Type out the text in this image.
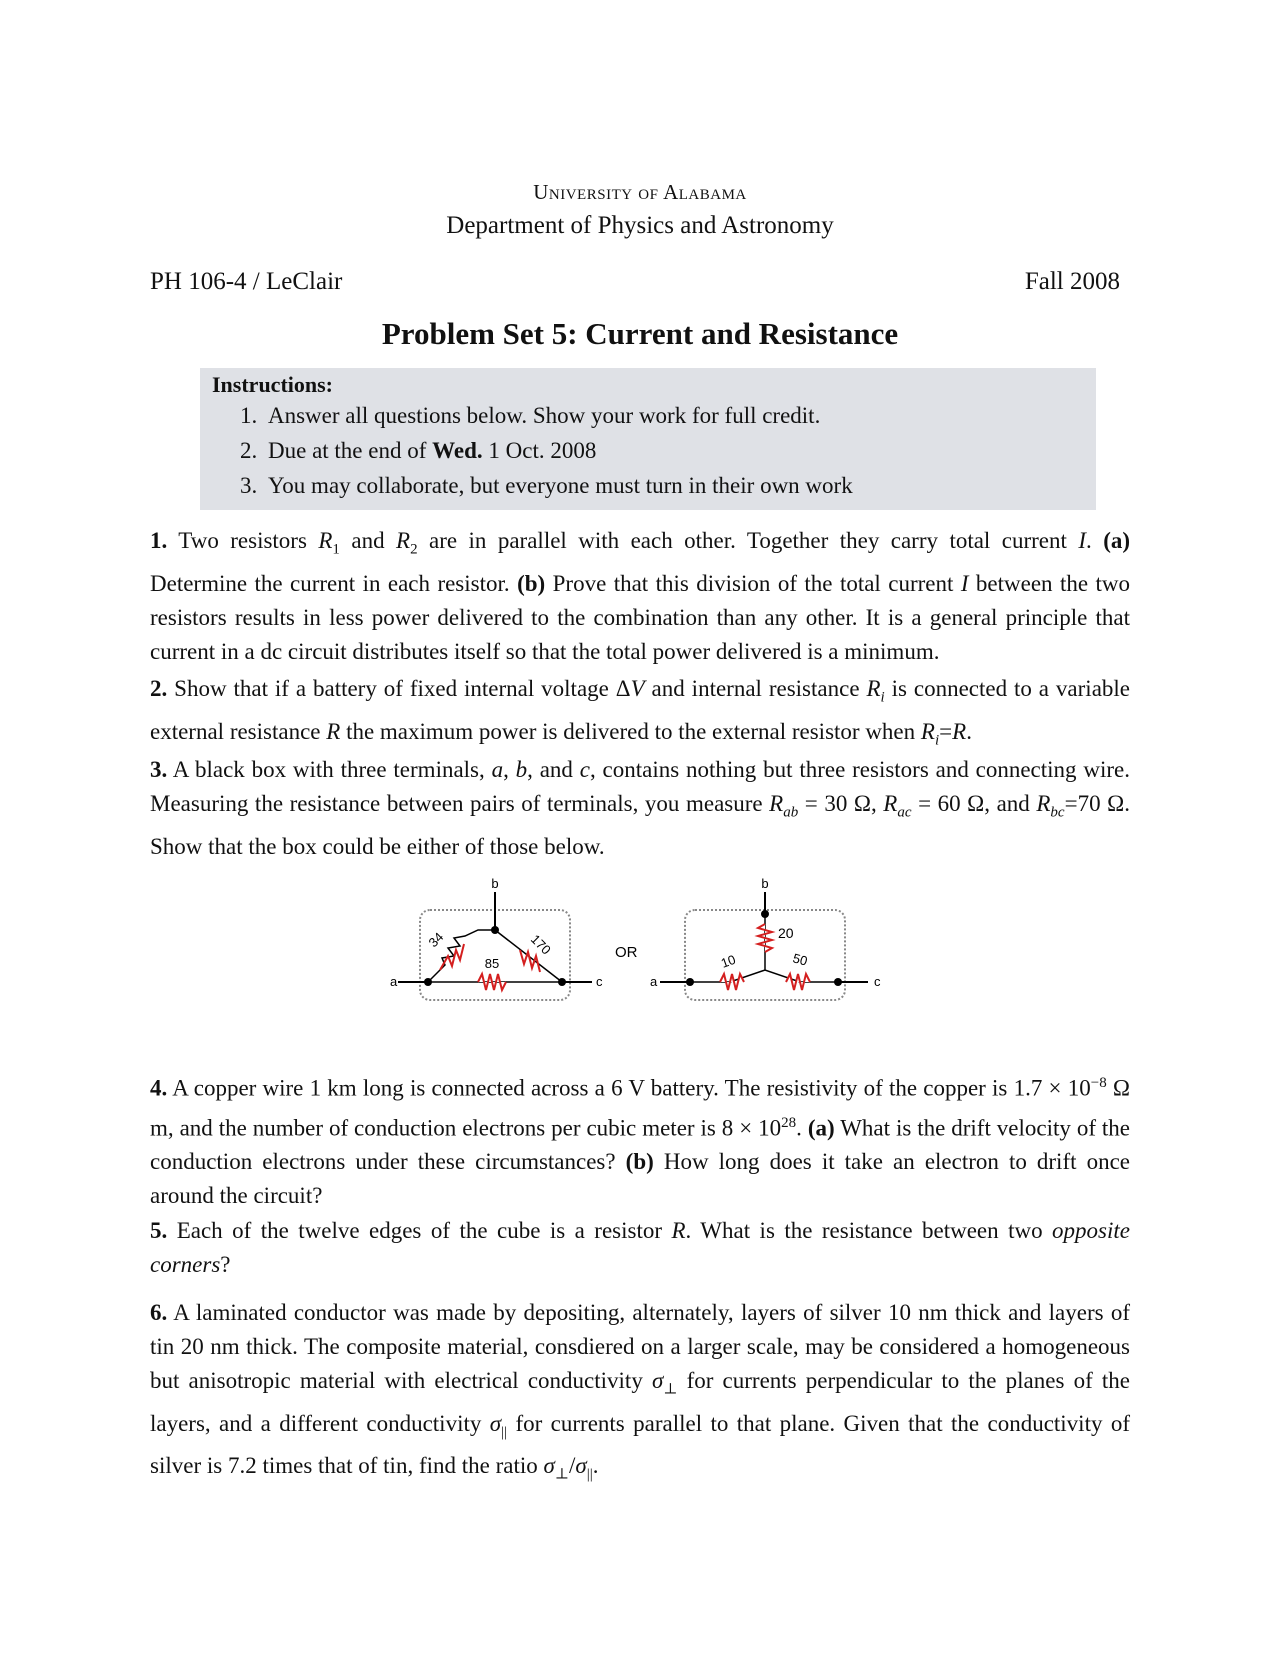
University of Alabama
Department of Physics and Astronomy
PH 106-4 / LeClair	Fall 2008
Problem Set 5: Current and Resistance
Instructions:
1. Answer all questions below. Show your work for full credit.
2. Due at the end of Wed. 1 Oct. 2008
3. You may collaborate, but everyone must turn in their own work
1. Two resistors $R_1$ and $R_2$ are in parallel with each other. Together they carry total current I. (a) Determine the current in each resistor. (b) Prove that this division of the total current I between the two resistors results in less power delivered to the combination than any other. It is a general principle that current in a dc circuit distributes itself so that the total power delivered is a minimum.
2. Show that if a battery of fixed internal voltage ΔV and internal resistance $R_i$ is connected to a variable external resistance R the maximum power is delivered to the external resistor when $R_i=R$.
3. A black box with three terminals, a, b, and c, contains nothing but three resistors and connecting wire. Measuring the resistance between pairs of terminals, you measure $R_{ab} = 30$ Ω, $R_{ac} = 60$ Ω, and $R_{bc}=70$ Ω. Show that the box could be either of those below.
b
a	c
34	170
85
OR
b
a	c
20
10	50
4. A copper wire 1 km long is connected across a 6 V battery. The resistivity of the copper is $1.7 \times 10^{-8}$ Ω m, and the number of conduction electrons per cubic meter is $8 \times 10^{28}$. (a) What is the drift velocity of the conduction electrons under these circumstances? (b) How long does it take an electron to drift once around the circuit?
5. Each of the twelve edges of the cube is a resistor R. What is the resistance between two opposite corners?
6. A laminated conductor was made by depositing, alternately, layers of silver 10 nm thick and layers of tin 20 nm thick. The composite material, consdiered on a larger scale, may be considered a homogeneous but anisotropic material with electrical conductivity $\sigma_\perp$ for currents perpendicular to the planes of the layers, and a different conductivity $\sigma_{||}$ for currents parallel to that plane. Given that the conductivity of silver is 7.2 times that of tin, find the ratio $\sigma_\perp/\sigma_{||}$.
